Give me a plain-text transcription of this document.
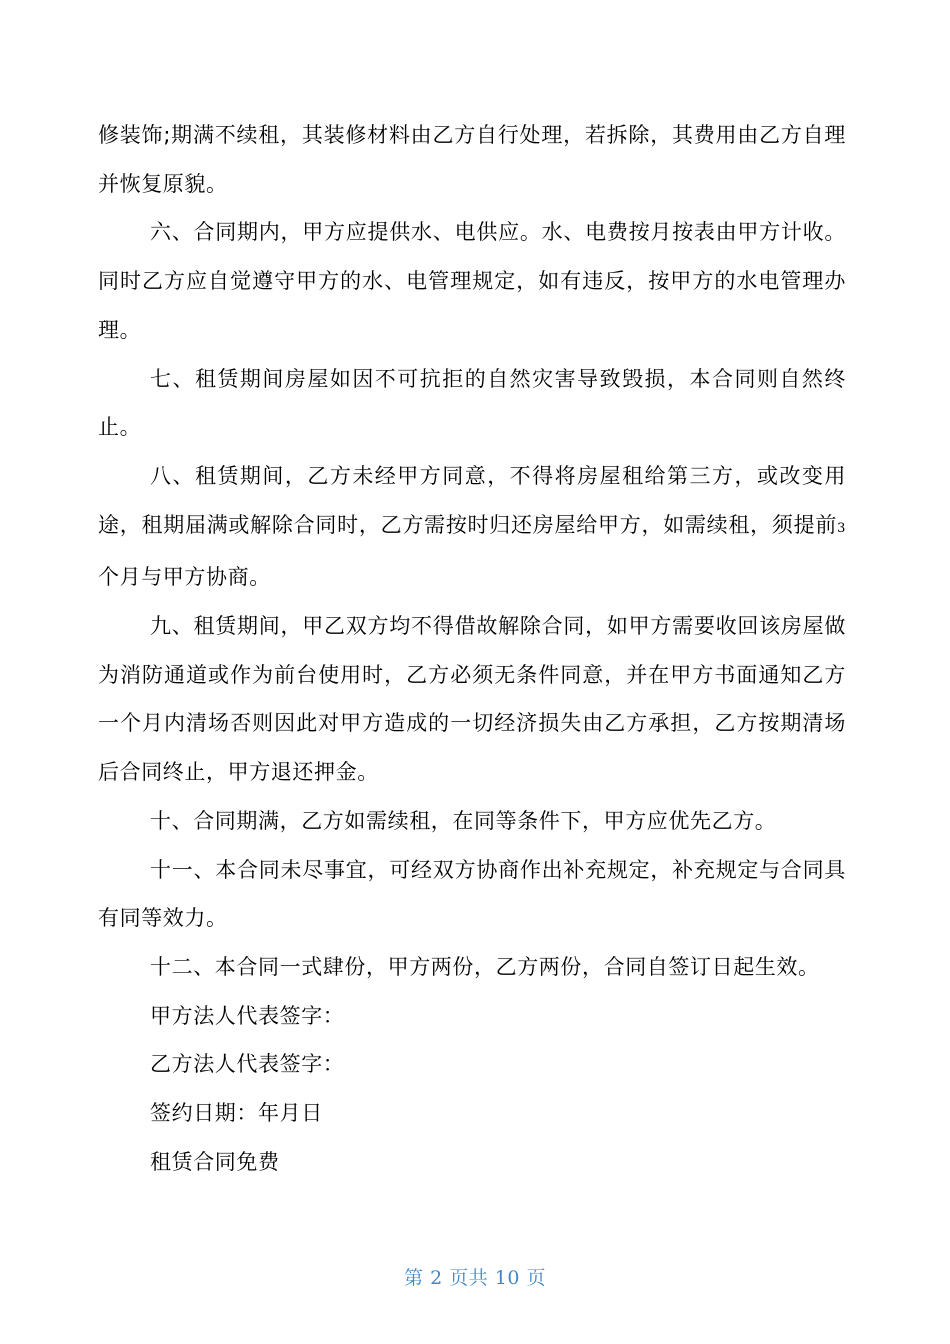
修装饰;期满不续租，其装修材料由乙方自行处理，若拆除，其费用由乙方自理并恢复原貌。

六、合同期内，甲方应提供水、电供应。水、电费按月按表由甲方计收。同时乙方应自觉遵守甲方的水、电管理规定，如有违反，按甲方的水电管理办理。

七、租赁期间房屋如因不可抗拒的自然灾害导致毁损，本合同则自然终止。

八、租赁期间，乙方未经甲方同意，不得将房屋租给第三方，或改变用途，租期届满或解除合同时，乙方需按时归还房屋给甲方，如需续租，须提前3个月与甲方协商。

九、租赁期间，甲乙双方均不得借故解除合同，如甲方需要收回该房屋做为消防通道或作为前台使用时，乙方必须无条件同意，并在甲方书面通知乙方一个月内清场否则因此对甲方造成的一切经济损失由乙方承担，乙方按期清场后合同终止，甲方退还押金。

十、合同期满，乙方如需续租，在同等条件下，甲方应优先乙方。

十一、本合同未尽事宜，可经双方协商作出补充规定，补充规定与合同具有同等效力。

十二、本合同一式肆份，甲方两份，乙方两份，合同自签订日起生效。

甲方法人代表签字：

乙方法人代表签字：

签约日期：年月日

租赁合同免费

第 2 页共 10 页
